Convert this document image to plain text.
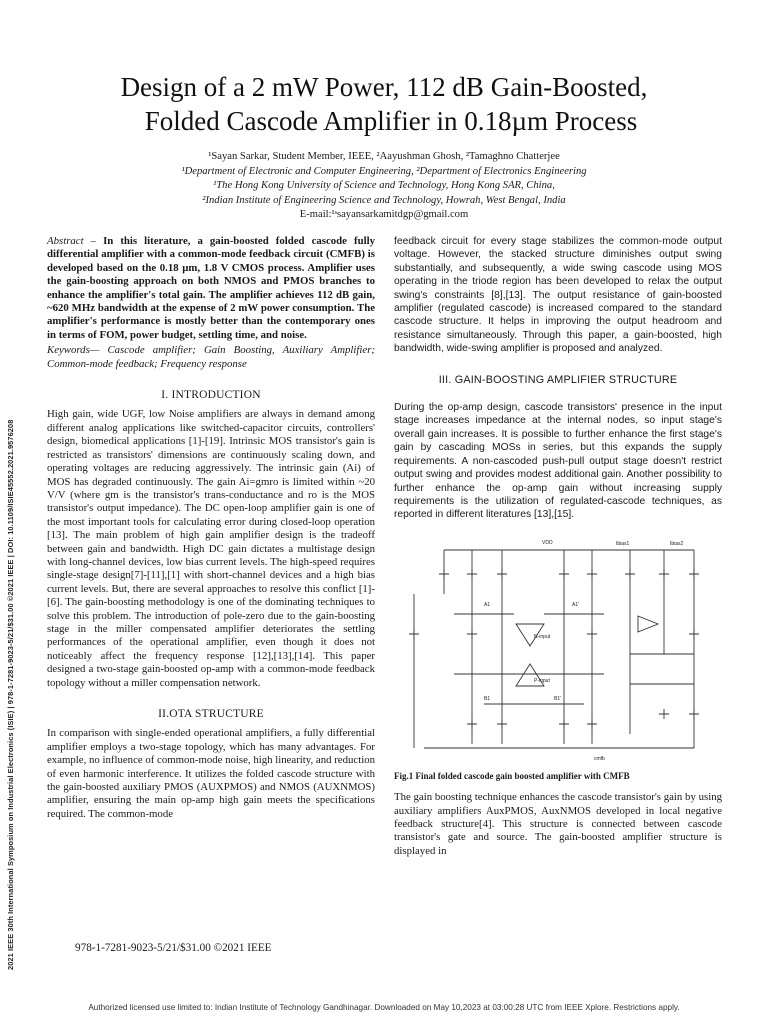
Design of a 2 mW Power, 112 dB Gain-Boosted,
Folded Cascode Amplifier in 0.18µm Process
¹Sayan Sarkar, Student Member, IEEE, ²Aayushman Ghosh, ²Tamaghno Chatterjee
¹Department of Electronic and Computer Engineering, ²Department of Electronics Engineering
¹The Hong Kong University of Science and Technology, Hong Kong SAR, China,
²Indian Institute of Engineering Science and Technology, Howrah, West Bengal, India
E-mail:¹ˢsayansarkamitdgp@gmail.com

Abstract – In this literature, a gain-boosted folded cascode fully differential amplifier with a common-mode feedback circuit (CMFB) is developed based on the 0.18 µm, 1.8 V CMOS process. Amplifier uses the gain-boosting approach on both NMOS and PMOS branches to enhance the amplifier's total gain. The amplifier achieves 112 dB gain, ~620 MHz bandwidth at the expense of 2 mW power consumption. The amplifier's performance is mostly better than the contemporary ones in terms of FOM, power budget, settling time, and noise.

Keywords— Cascode amplifier; Gain Boosting, Auxiliary Amplifier; Common-mode feedback; Frequency response

I. INTRODUCTION

High gain, wide UGF, low Noise amplifiers are always in demand among different analog applications like switched-capacitor circuits, controllers' design, biomedical applications [1]-[19]. Intrinsic MOS transistor's gain is restricted as transistors' dimensions are continuously scaling down, and operating voltages are reducing aggressively. The intrinsic gain (Ai) of MOS has degraded continuously. The gain Ai=gmro is limited within ~20 V/V (where gm is the transistor's trans-conductance and ro is the MOS transistor's output impedance). The DC open-loop amplifier gain is one of the most important tools for calculating error during closed-loop operation [13]. The main problem of high gain amplifier design is the tradeoff between gain and bandwidth. High DC gain dictates a multistage design with long-channel devices, low bias current levels. The high-speed requires single-stage design[7]-[11],[1] with short-channel devices and a high bias current levels. But, there are several approaches to resolve this conflict [1]-[6]. The gain-boosting methodology is one of the dominating techniques to solve this problem. The introduction of pole-zero due to the gain-boosting stage in the miller compensated amplifier deteriorates the settling performances of the operational amplifier, even though it does not noticeably affect the frequency response [12],[13],[14]. This paper designed a two-stage gain-boosted op-amp with a common-mode feedback topology without a miller compensation network.

II.OTA STRUCTURE

In comparison with single-ended operational amplifiers, a fully differential amplifier employs a two-stage topology, which has many advantages. For example, no influence of common-mode noise, high linearity, and reduction of even harmonic interference. It utilizes the folded cascode structure with the gain-boosted auxiliary PMOS (AUXPMOS) and NMOS (AUXNMOS) amplifier, ensuring the main op-amp high gain meets the specifications required. The common-mode

feedback circuit for every stage stabilizes the common-mode output voltage. However, the stacked structure diminishes output swing substantially, and subsequently, a wide swing cascode using MOS operating in the triode region has been developed to relax the output swing's constraints [8],[13]. The output resistance of gain-boosted amplifier (regulated cascode) is increased compared to the standard cascode structure. It helps in improving the output headroom and resistance simultaneously. Through this paper, a gain-boosted, high bandwidth, wide-swing amplifier is proposed and analyzed.

III. GAIN-BOOSTING AMPLIFIER STRUCTURE

During the op-amp design, cascode transistors' presence in the input stage increases impedance at the internal nodes, so input stage's overall gain increases. It is possible to further enhance the first stage's gain by cascading MOSs in series, but this expands the supply requirements. A non-cascoded push-pull output stage doesn't restrict output swing and provides modest additional gain. Another possibility to further enhance the op-amp gain without increasing supply requirements is the utilization of regulated-cascode techniques, as reported in different literatures [13],[15].

VDD	Ibias1	Ibias2
N-input
P-input
A1	A1'
B1	B1'
cmfb
Fig.1 Final folded cascode gain boosted amplifier with CMFB

The gain boosting technique enhances the cascode transistor's gain by using auxiliary amplifiers AuxPMOS, AuxNMOS developed in local negative feedback structure[4]. This structure is connected between cascode transistor's gate and source. The gain-boosted amplifier structure is displayed in

978-1-7281-9023-5/21/$31.00 ©2021 IEEE
2021 IEEE 30th International Symposium on Industrial Electronics (ISIE) | 978-1-7281-9023-5/21/$31.00 ©2021 IEEE | DOI: 10.1109/ISIE45552.2021.9576208
Authorized licensed use limited to: Indian Institute of Technology Gandhinagar. Downloaded on May 10,2023 at 03:00:28 UTC from IEEE Xplore. Restrictions apply.
